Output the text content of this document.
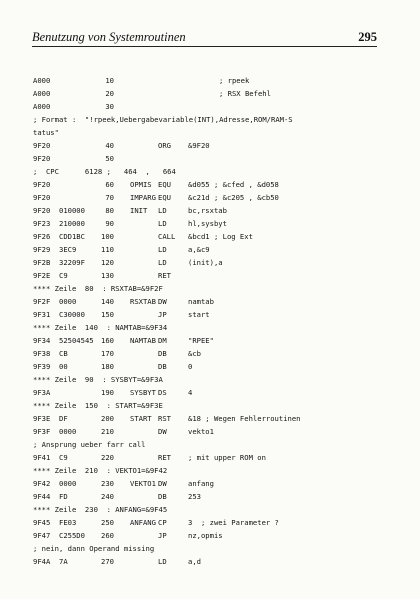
Benutzung von Systemroutinen	295
A000	10	; rpeek
A000	20	; RSX Befehl
A000	30
; Format :  "!rpeek,Uebergabevariable(INT),Adresse,ROM/RAM-S
tatus"
9F20	40	ORG &9F20
9F20	50
;  CPC      6128 ;   464  ,   664
9F20	60 OPMIS EQU &d055 ; &cfed , &d058
9F20	70 IMPARG EQU &c21d ; &c205 , &cb50
9F20 010000	80 INIT LD	bc,rsxtab
9F23 210000	90	LD	hl,sysbyt
9F26 CDD1BC	100	CALL &bcd1 ; Log Ext
9F29 3EC9	110	LD	a,&c9
9F2B 32209F	120	LD	(init),a
9F2E C9	130	RET
**** Zeile  80  : RSXTAB=&9F2F
9F2F 0000	140 RSXTAB DW	namtab
9F31 C30000	150	JP	start
**** Zeile  140  : NAMTAB=&9F34
9F34 52504545	160 NAMTAB DM	"RPEE"
9F38 CB	170	DB	&cb
9F39 00	180	DB	0
**** Zeile  90  : SYSBYT=&9F3A
9F3A	190 SYSBYT DS	4
**** Zeile  150  : START=&9F3E
9F3E DF	200 START RST &18 ; Wegen Fehlerroutinen
9F3F 0000	210	DW	vekto1
; Ansprung ueber farr call
9F41 C9	220	RET ; mit upper ROM on
**** Zeile  210  : VEKTO1=&9F42
9F42 0000	230 VEKTO1 DW	anfang
9F44 FD	240	DB	253
**** Zeile  230  : ANFANG=&9F45
9F45 FE03	250 ANFANG CP	3  ; zwei Parameter ?
9F47 C255D0	260	JP	nz,opmis
; nein, dann Operand missing
9F4A 7A	270	LD	a,d
